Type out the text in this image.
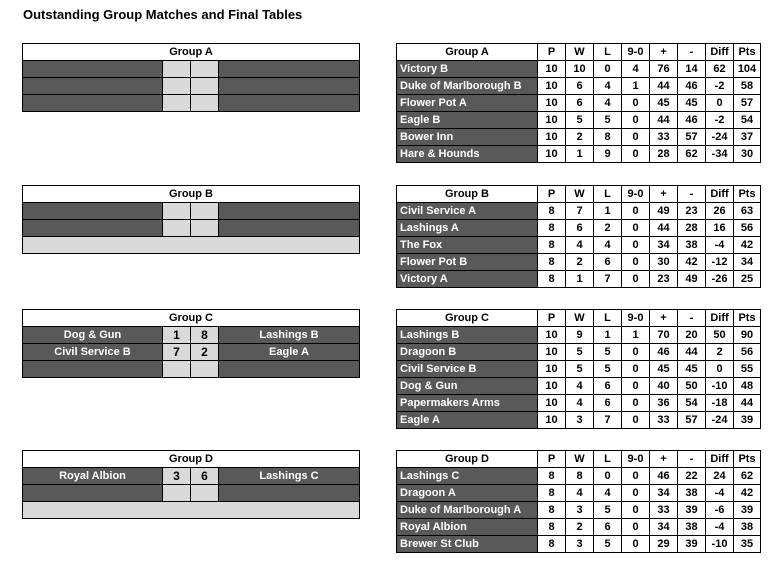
Outstanding Group Matches and Final Tables
Group A			

				Group A	P	W	L	9-0	+	-	Diff	Pts
Victory B	10	10	0	4	76	14	62	104
Duke of Marlborough B	10	6	4	1	44	46	-2	58
Flower Pot A	10	6	4	0	45	45	0	57
Eagle B	10	5	5	0	44	46	-2	54
Bower Inn	10	2	8	0	33	57	-24	37
Hare & Hounds	10	1	9	0	28	62	-34	30
Group B			

				Group B	P	W	L	9-0	+	-	Diff	Pts
Civil Service A	8	7	1	0	49	23	26	63
Lashings A	8	6	2	0	44	28	16	56
The Fox	8	4	4	0	34	38	-4	42
Flower Pot B	8	2	6	0	30	42	-12	34
Victory A	8	1	7	0	23	49	-26	25
Group C			
Dog & Gun	1	8	Lashings B
Civil Service B	7	2	Eagle A

Group C	P	W	L	9-0	+	-	Diff	Pts
Lashings B	10	9	1	1	70	20	50	90
Dragoon B	10	5	5	0	46	44	2	56
Civil Service B	10	5	5	0	45	45	0	55
Dog & Gun	10	4	6	0	40	50	-10	48
Papermakers Arms	10	4	6	0	36	54	-18	44
Eagle A	10	3	7	0	33	57	-24	39
Group D			
Royal Albion	3	6	Lashings C

Group D	P	W	L	9-0	+	-	Diff	Pts
Lashings C	8	8	0	0	46	22	24	62
Dragoon A	8	4	4	0	34	38	-4	42
Duke of Marlborough A	8	3	5	0	33	39	-6	39
Royal Albion	8	2	6	0	34	38	-4	38
Brewer St Club	8	3	5	0	29	39	-10	35
